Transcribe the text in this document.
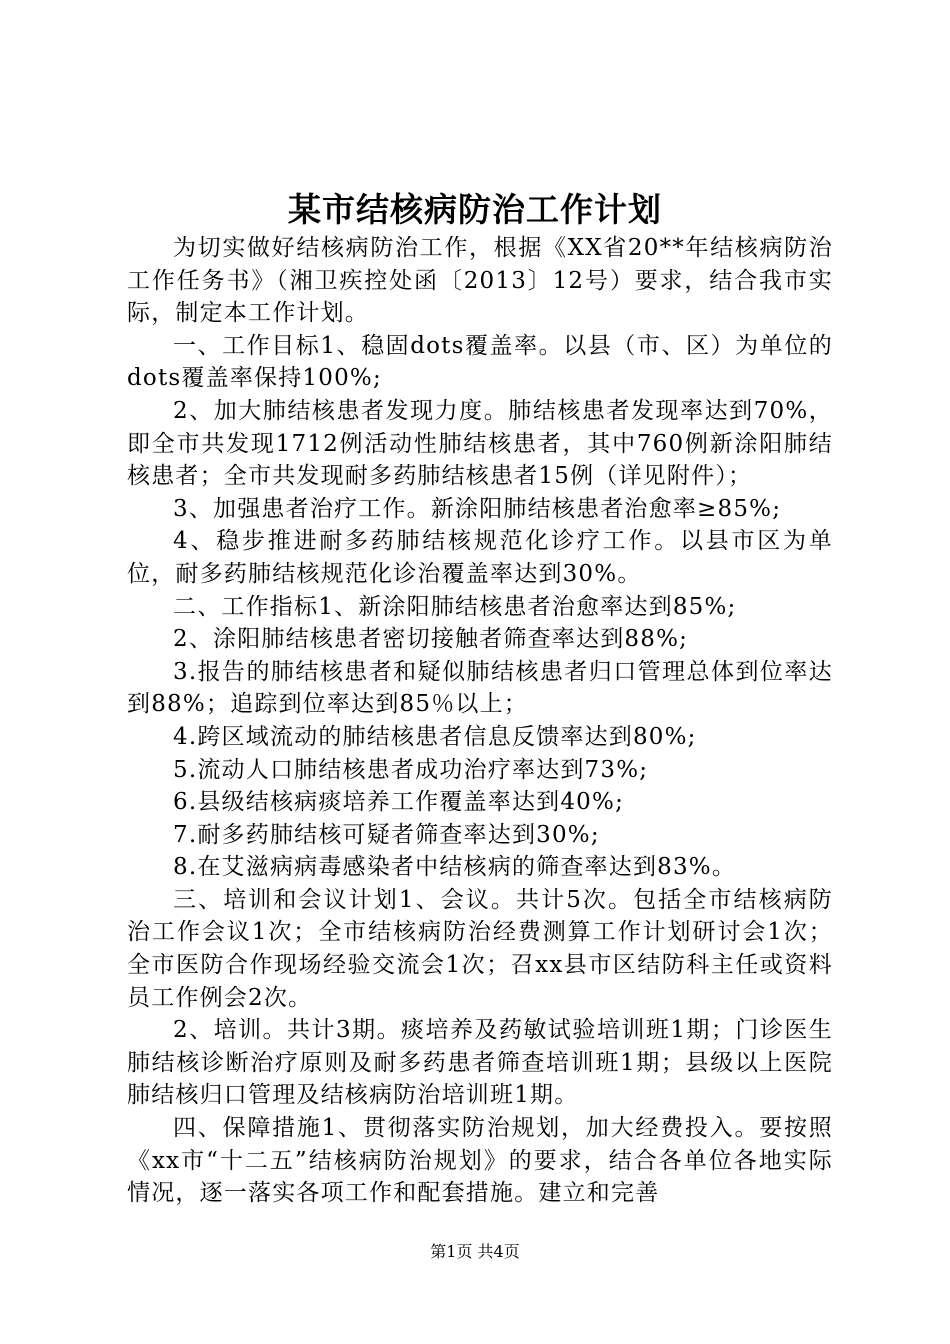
某市结核病防治工作计划

为切实做好结核病防治工作，根据《XX省20**年结核病防治工作任务书》（湘卫疾控处函〔2013〕12号）要求，结合我市实际，制定本工作计划。

一、工作目标1、稳固dots覆盖率。以县（市、区）为单位的dots覆盖率保持100%;

2、加大肺结核患者发现力度。肺结核患者发现率达到70%，即全市共发现1712例活动性肺结核患者，其中760例新涂阳肺结核患者；全市共发现耐多药肺结核患者15例（详见附件）；

3、加强患者治疗工作。新涂阳肺结核患者治愈率≥85%;

4、稳步推进耐多药肺结核规范化诊疗工作。以县市区为单位，耐多药肺结核规范化诊治覆盖率达到30%。

二、工作指标1、新涂阳肺结核患者治愈率达到85%;

2、涂阳肺结核患者密切接触者筛查率达到88%;

3.报告的肺结核患者和疑似肺结核患者归口管理总体到位率达到88%；追踪到位率达到85％以上；

4.跨区域流动的肺结核患者信息反馈率达到80%;

5.流动人口肺结核患者成功治疗率达到73%;

6.县级结核病痰培养工作覆盖率达到40%;

7.耐多药肺结核可疑者筛查率达到30%;

8.在艾滋病病毒感染者中结核病的筛查率达到83%。

三、培训和会议计划1、会议。共计5次。包括全市结核病防治工作会议1次；全市结核病防治经费测算工作计划研讨会1次；全市医防合作现场经验交流会1次；召xx县市区结防科主任或资料员工作例会2次。

2、培训。共计3期。痰培养及药敏试验培训班1期；门诊医生肺结核诊断治疗原则及耐多药患者筛查培训班1期；县级以上医院肺结核归口管理及结核病防治培训班1期。

四、保障措施1、贯彻落实防治规划，加大经费投入。要按照《xx市“十二五”结核病防治规划》的要求，结合各单位各地实际情况，逐一落实各项工作和配套措施。建立和完善

第1页 共4页
